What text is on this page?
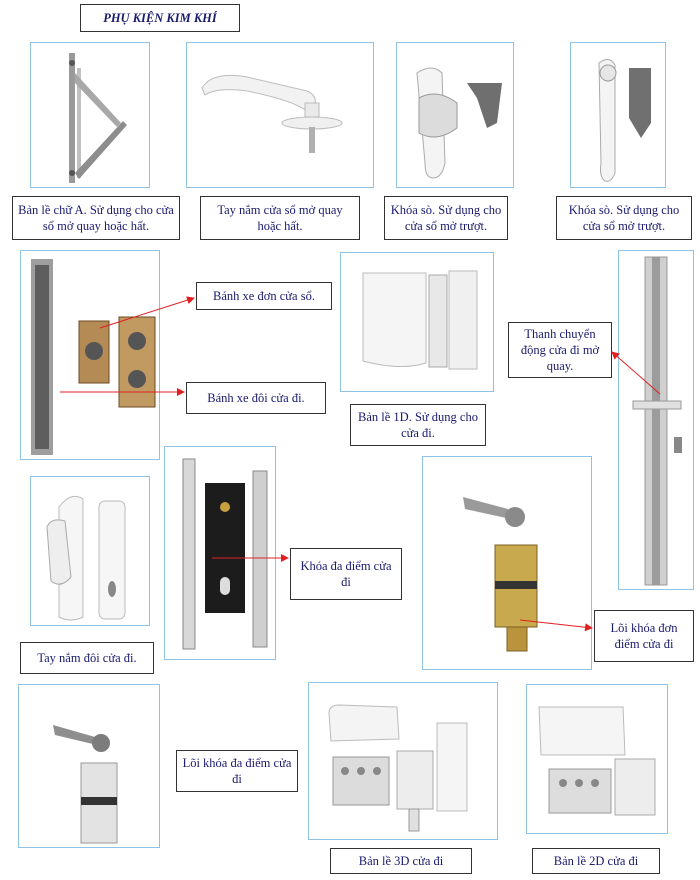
PHỤ KIỆN KIM KHÍ
Bản lề chữ A. Sử dụng cho cửa sổ mở quay hoặc hất.
Tay nắm cửa sổ mở quay hoặc hất.
Khóa sò. Sử dụng cho cửa sổ mở trượt.
Khóa sò. Sử dụng cho cửa sổ mở trượt.
Bánh xe đơn cửa sổ.
Bánh xe đôi cửa đi.
Bản lề 1D. Sử dụng cho cửa đi.
Thanh chuyển động cửa đi mở quay.
Tay nắm đôi cửa đi.
Khóa đa điểm cửa đi
Lõi khóa đơn điểm cửa đi
Lõi khóa đa điểm cửa đi
Bản lề 3D cửa đi	Bản lề 2D cửa đi
